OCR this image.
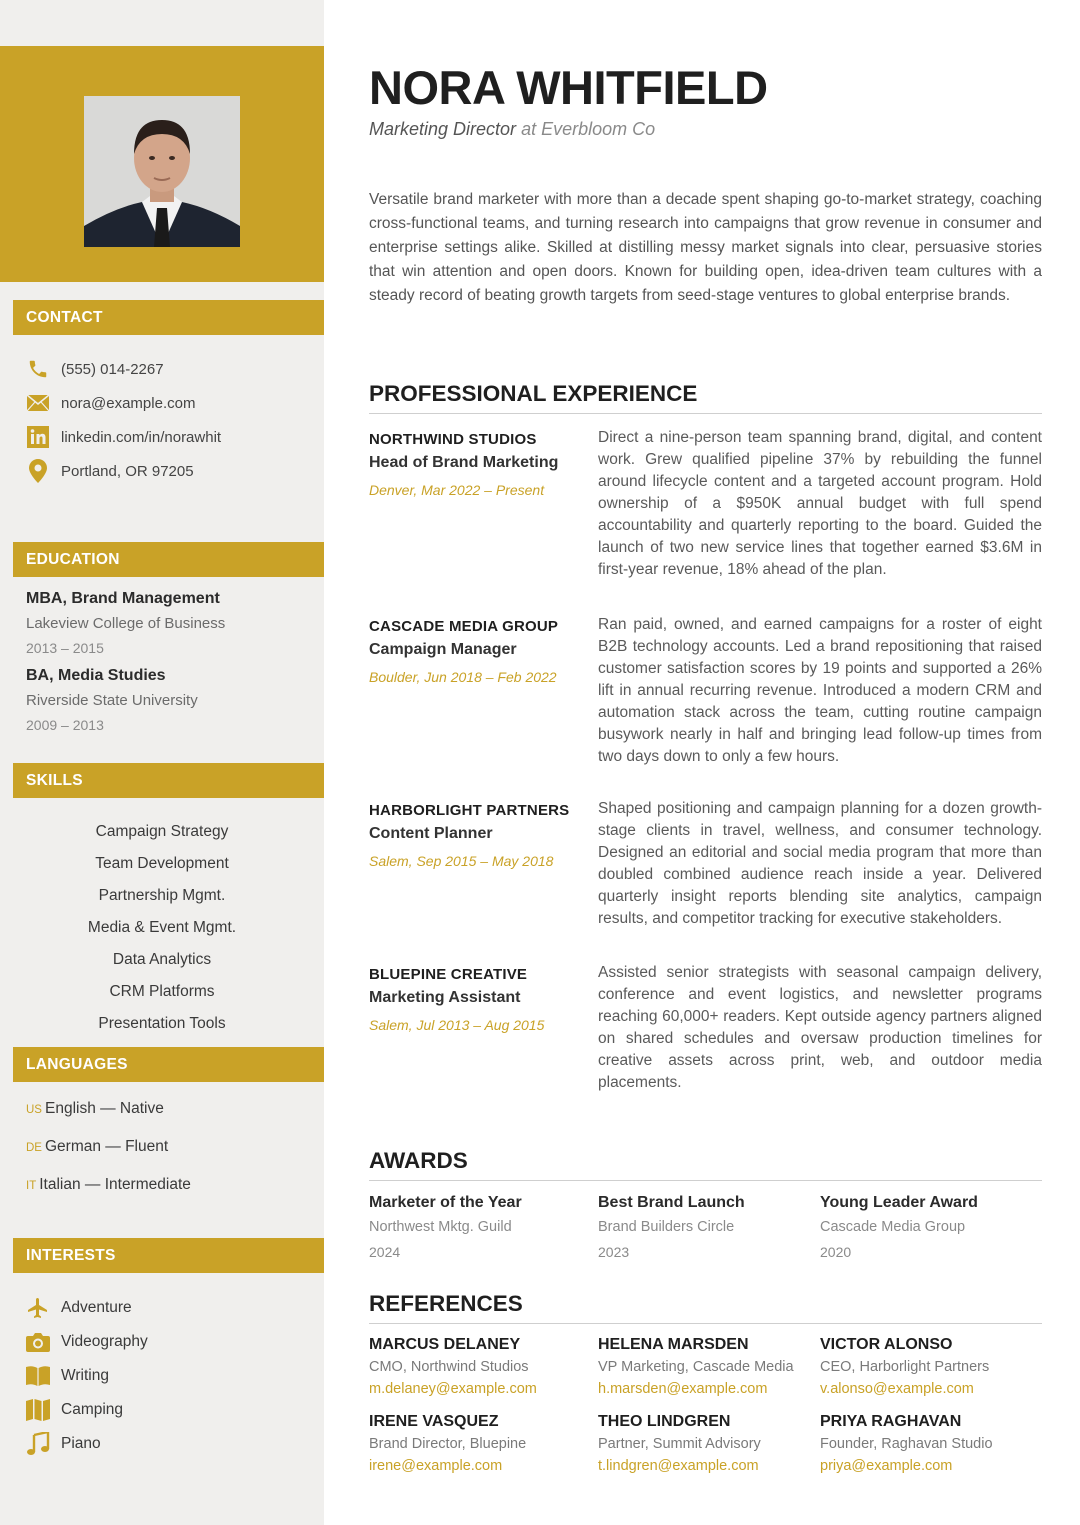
CONTACT
(555) 014-2267
nora@example.com
linkedin.com/in/norawhit
Portland, OR 97205
EDUCATION
MBA, Brand Management
Lakeview College of Business
2013 – 2015
BA, Media Studies
Riverside State University
2009 – 2013
SKILLS
Campaign Strategy
Team Development
Partnership Mgmt.
Media & Event Mgmt.
Data Analytics
CRM Platforms
Presentation Tools
LANGUAGES
US English — Native
DE German — Fluent
IT Italian — Intermediate
INTERESTS
Adventure
Videography
Writing
Camping
Piano
NORA WHITFIELD
Marketing Director at Everbloom Co
Versatile brand marketer with more than a decade spent shaping go-to-market strategy, coaching cross-functional teams, and turning research into campaigns that grow revenue in consumer and enterprise settings alike. Skilled at distilling messy market signals into clear, persuasive stories that win attention and open doors. Known for building open, idea-driven team cultures with a steady record of beating growth targets from seed-stage ventures to global enterprise brands.
PROFESSIONAL EXPERIENCE
NORTHWIND STUDIOS
Head of Brand Marketing
Denver, Mar 2022 – Present
Direct a nine-person team spanning brand, digital, and content work. Grew qualified pipeline 37% by rebuilding the funnel around lifecycle content and a targeted account program. Hold ownership of a $950K annual budget with full spend accountability and quarterly reporting to the board. Guided the launch of two new service lines that together earned $3.6M in first-year revenue, 18% ahead of the plan.
CASCADE MEDIA GROUP
Campaign Manager
Boulder, Jun 2018 – Feb 2022
Ran paid, owned, and earned campaigns for a roster of eight B2B technology accounts. Led a brand repositioning that raised customer satisfaction scores by 19 points and supported a 26% lift in annual recurring revenue. Introduced a modern CRM and automation stack across the team, cutting routine campaign busywork nearly in half and bringing lead follow-up times from two days down to only a few hours.
HARBORLIGHT PARTNERS
Content Planner
Salem, Sep 2015 – May 2018
Shaped positioning and campaign planning for a dozen growth-stage clients in travel, wellness, and consumer technology. Designed an editorial and social media program that more than doubled combined audience reach inside a year. Delivered quarterly insight reports blending site analytics, campaign results, and competitor tracking for executive stakeholders.
BLUEPINE CREATIVE
Marketing Assistant
Salem, Jul 2013 – Aug 2015
Assisted senior strategists with seasonal campaign delivery, conference and event logistics, and newsletter programs reaching 60,000+ readers. Kept outside agency partners aligned on shared schedules and oversaw production timelines for creative assets across print, web, and outdoor media placements.
AWARDS
Marketer of the Year
Northwest Mktg. Guild
2024
Best Brand Launch
Brand Builders Circle
2023
Young Leader Award
Cascade Media Group
2020
REFERENCES
MARCUS DELANEY
CMO, Northwind Studios
m.delaney@example.com
HELENA MARSDEN
VP Marketing, Cascade Media
h.marsden@example.com
VICTOR ALONSO
CEO, Harborlight Partners
v.alonso@example.com
IRENE VASQUEZ
Brand Director, Bluepine
irene@example.com
THEO LINDGREN
Partner, Summit Advisory
t.lindgren@example.com
PRIYA RAGHAVAN
Founder, Raghavan Studio
priya@example.com
